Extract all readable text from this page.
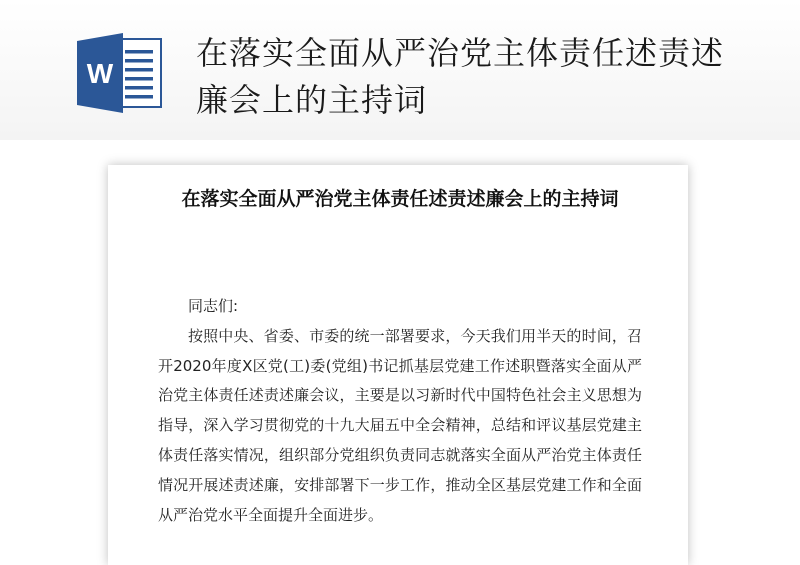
W
在落实全面从严治党主体责任述责述廉会上的主持词
在落实全面从严治党主体责任述责述廉会上的主持词

同志们:

按照中央、省委、市委的统一部署要求，今天我们用半天的时间，召开2020年度X区党(工)委(党组)书记抓基层党建工作述职暨落实全面从严治党主体责任述责述廉会议，主要是以习新时代中国特色社会主义思想为指导，深入学习贯彻党的十九大届五中全会精神，总结和评议基层党建主体责任落实情况，组织部分党组织负责同志就落实全面从严治党主体责任情况开展述责述廉，安排部署下一步工作，推动全区基层党建工作和全面从严治党水平全面提升全面进步。
